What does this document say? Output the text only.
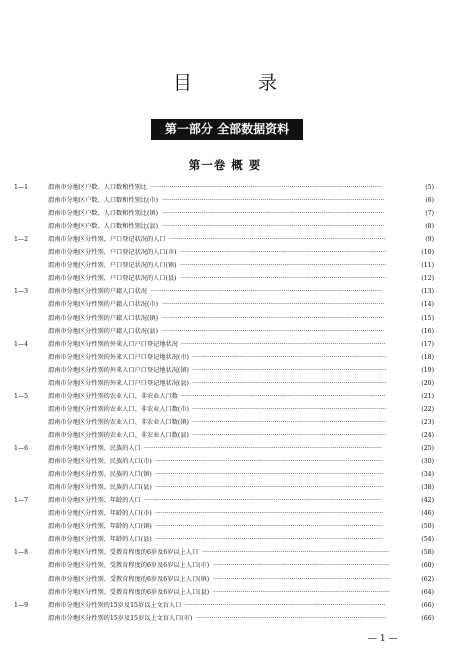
目 录
第一部分 全部数据资料
第一卷 概 要
1—1	渭南市分地区户数、人口数和性别比 ······················································································································	(5)
渭南市分地区户数、人口数和性别比(市) ·················································································································	(6)
渭南市分地区户数、人口数和性别比(镇) ·················································································································	(7)
渭南市分地区户数、人口数和性别比(县) ·················································································································	(8)
1—2	渭南市分地区分性别、户口登记状况的人口 ··············································································································	(9)
渭南市分地区分性别、户口登记状况的人口(市) ·········································································································	(10)
渭南市分地区分性别、户口登记状况的人口(镇) ·········································································································	(11)
渭南市分地区分性别、户口登记状况的人口(县) ·········································································································	(12)
1—3	渭南市分地区分性别的户籍人口状况 ······················································································································	(13)
渭南市分地区分性别的户籍人口状况(市) ·················································································································	(14)
渭南市分地区分性别的户籍人口状况(镇) ·················································································································	(15)
渭南市分地区分性别的户籍人口状况(县) ·················································································································	(16)
1—4	渭南市分地区分性别的外来人口户口登记地状况 ········································································································	(17)
渭南市分地区分性别的外来人口户口登记地状况(市) ···································································································	(18)
渭南市分地区分性别的外来人口户口登记地状况(镇) ···································································································	(19)
渭南市分地区分性别的外来人口户口登记地状况(县) ···································································································	(20)
1—5	渭南市分地区分性别的农业人口、非农业人口数 ········································································································	(21)
渭南市分地区分性别的农业人口、非农业人口数(市) ···································································································	(22)
渭南市分地区分性别的农业人口、非农业人口数(镇) ···································································································	(23)
渭南市分地区分性别的农业人口、非农业人口数(县) ···································································································	(24)
1—6	渭南市分地区分性别、民族的人口 ·························································································································	(25)
渭南市分地区分性别、民族的人口(市) ····················································································································	(30)
渭南市分地区分性别、民族的人口(镇) ····················································································································	(34)
渭南市分地区分性别、民族的人口(县) ····················································································································	(38)
1—7	渭南市分地区分性别、年龄的人口 ·························································································································	(42)
渭南市分地区分性别、年龄的人口(市) ····················································································································	(46)
渭南市分地区分性别、年龄的人口(镇) ····················································································································	(50)
渭南市分地区分性别、年龄的人口(县) ····················································································································	(54)
1—8	渭南市分地区分性别、受教育程度的6岁及6岁以上人口 ·······························································································	(58)
渭南市分地区分性别、受教育程度的6岁及6岁以上人口(市) ··························································································	(60)
渭南市分地区分性别、受教育程度的6岁及6岁以上人口(镇) ··························································································	(62)
渭南市分地区分性别、受教育程度的6岁及6岁以上人口(县) ··························································································	(64)
1—9	渭南市分地区分性别的15岁及15岁以上文盲人口 ······································································································	(66)
渭南市分地区分性别的15岁及15岁以上文盲人口(市) ·································································································	(66)
— 1 —
